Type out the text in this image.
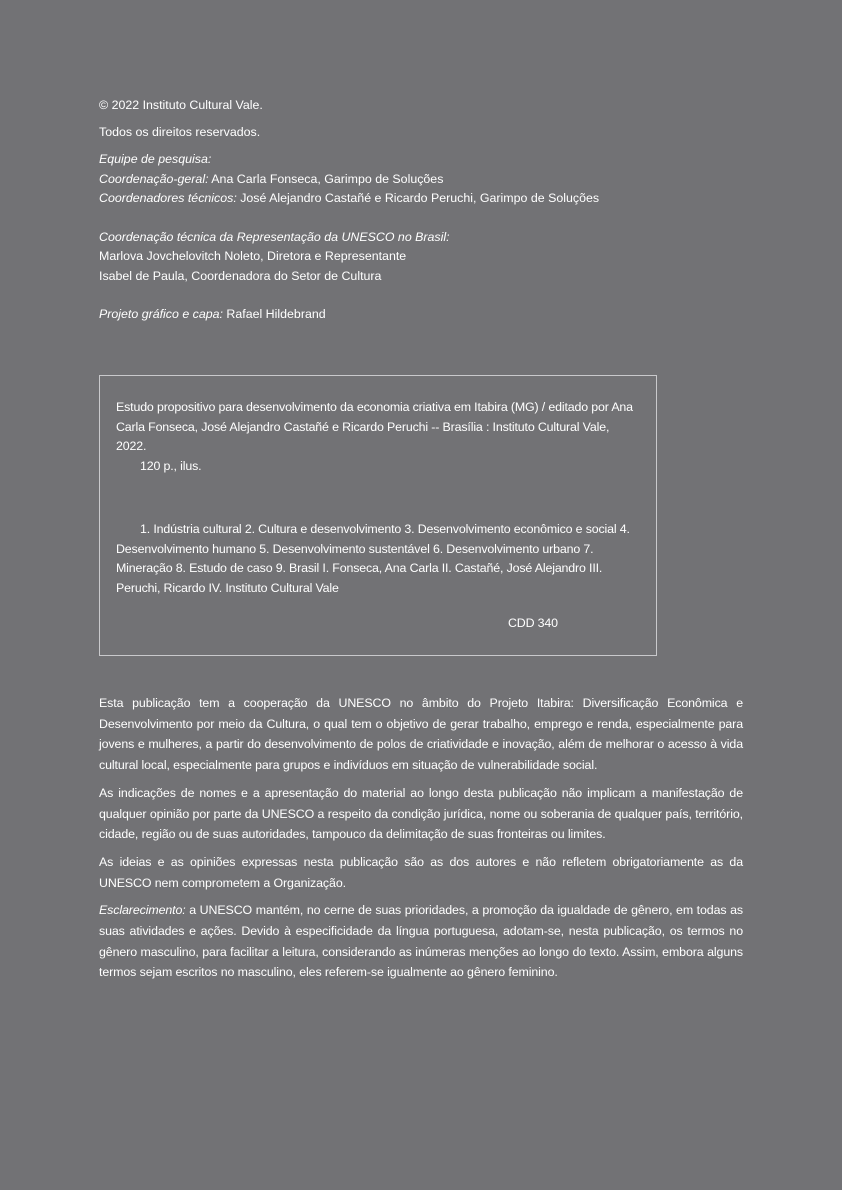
© 2022 Instituto Cultural Vale.

Todos os direitos reservados.

Equipe de pesquisa:
Coordenação-geral: Ana Carla Fonseca, Garimpo de Soluções
Coordenadores técnicos: José Alejandro Castañé e Ricardo Peruchi, Garimpo de Soluções
Coordenação técnica da Representação da UNESCO no Brasil:
Marlova Jovchelovitch Noleto, Diretora e Representante
Isabel de Paula, Coordenadora do Setor de Cultura
Projeto gráfico e capa: Rafael Hildebrand

Estudo propositivo para desenvolvimento da economia criativa em Itabira (MG) / editado por Ana Carla Fonseca, José Alejandro Castañé e Ricardo Peruchi -- Brasília : Instituto Cultural Vale, 2022.

120 p., ilus.

1. Indústria cultural 2. Cultura e desenvolvimento 3. Desenvolvimento econômico e social 4. Desenvolvimento humano 5. Desenvolvimento sustentável 6. Desenvolvimento urbano 7. Mineração 8. Estudo de caso 9. Brasil I. Fonseca, Ana Carla II. Castañé, José Alejandro III. Peruchi, Ricardo IV. Instituto Cultural Vale

CDD 340

Esta publicação tem a cooperação da UNESCO no âmbito do Projeto Itabira: Diversificação Econômica e Desenvolvimento por meio da Cultura, o qual tem o objetivo de gerar trabalho, emprego e renda, especialmente para jovens e mulheres, a partir do desenvolvimento de polos de criatividade e inovação, além de melhorar o acesso à vida cultural local, especialmente para grupos e indivíduos em situação de vulnerabilidade social.

As indicações de nomes e a apresentação do material ao longo desta publicação não implicam a manifestação de qualquer opinião por parte da UNESCO a respeito da condição jurídica, nome ou soberania de qualquer país, território, cidade, região ou de suas autoridades, tampouco da delimitação de suas fronteiras ou limites.

As ideias e as opiniões expressas nesta publicação são as dos autores e não refletem obrigatoriamente as da UNESCO nem comprometem a Organização.

Esclarecimento: a UNESCO mantém, no cerne de suas prioridades, a promoção da igualdade de gênero, em todas as suas atividades e ações. Devido à especificidade da língua portuguesa, adotam-se, nesta publicação, os termos no gênero masculino, para facilitar a leitura, considerando as inúmeras menções ao longo do texto. Assim, embora alguns termos sejam escritos no masculino, eles referem-se igualmente ao gênero feminino.
